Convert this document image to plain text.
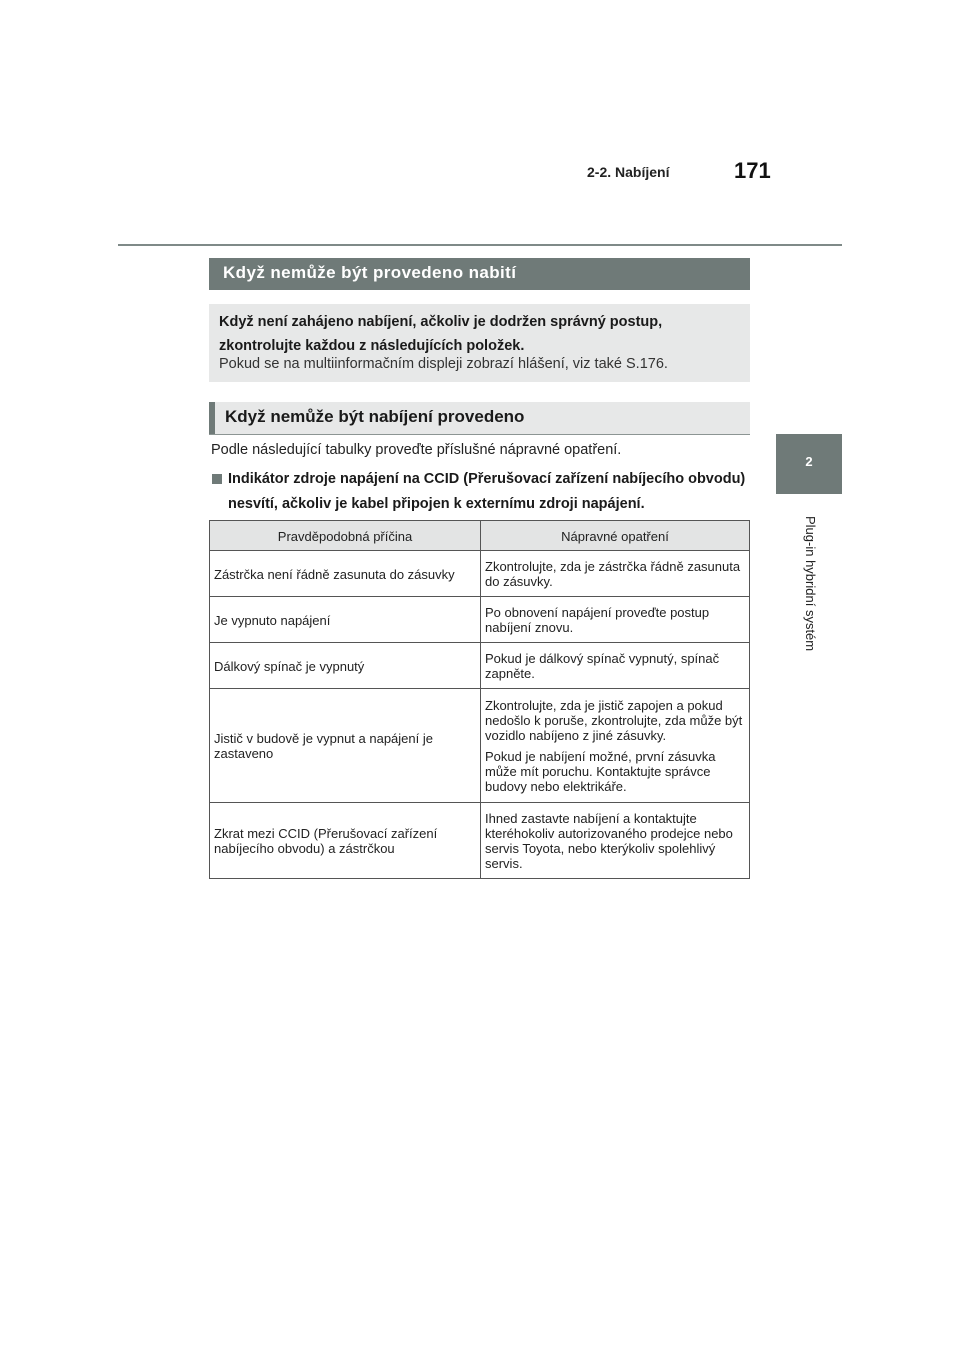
2-2. Nabíjení	171
2
Plug-in hybridní systém
Když nemůže být provedeno nabití
Když není zahájeno nabíjení, ačkoliv je dodržen správný postup, zkontrolujte každou z následujících položek.
Pokud se na multiinformačním displeji zobrazí hlášení, viz také S.176.
Když nemůže být nabíjení provedeno
Podle následující tabulky proveďte příslušné nápravné opatření.
Indikátor zdroje napájení na CCID (Přerušovací zařízení nabíjecího obvodu) nesvítí, ačkoliv je kabel připojen k externímu zdroji napájení.
Pravděpodobná příčina	Nápravné opatření
Zástrčka není řádně zasunuta do zásuvky	Zkontrolujte, zda je zástrčka řádně zasunuta do zásuvky.

Je vypnuto napájení	Po obnovení napájení proveďte postup nabíjení znovu.

Dálkový spínač je vypnutý	Pokud je dálkový spínač vypnutý, spínač zapněte.

Jistič v budově je vypnut a napájení je zastaveno	Zkontrolujte, zda je jistič zapojen a pokud nedošlo k poruše, zkontrolujte, zda může být vozidlo nabíjeno z jiné zásuvky.

Pokud je nabíjení možné, první zásuvka může mít poruchu. Kontaktujte správce budovy nebo elektrikáře.

Zkrat mezi CCID (Přerušovací zařízení nabíjecího obvodu) a zástrčkou	Ihned zastavte nabíjení a kontaktujte kteréhokoliv autorizovaného prodejce nebo servis Toyota, nebo kterýkoliv spolehlivý servis.
